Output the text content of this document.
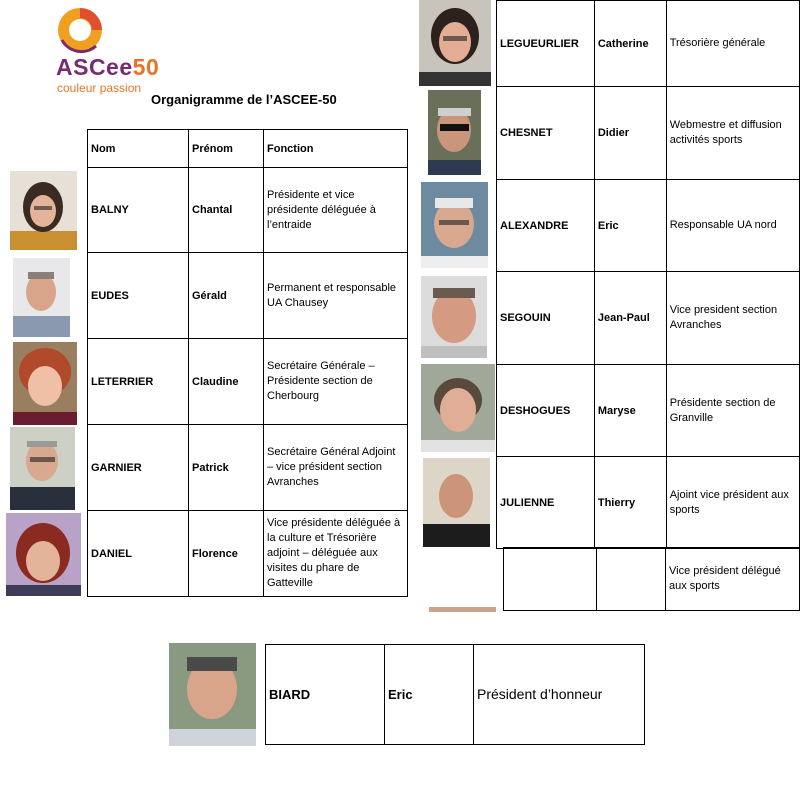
ASCee50
couleur passion
Organigramme de l’ASCEE-50
Nom	Prénom	Fonction
BALNY	Chantal	Présidente et vice présidente déléguée à l’entraide
EUDES	Gérald	Permanent et responsable UA Chausey
LETERRIER	Claudine	Secrétaire Générale – Présidente section de Cherbourg
GARNIER	Patrick	Secrétaire Général Adjoint – vice président section Avranches
DANIEL	Florence	Vice présidente déléguée à la culture et Trésorière adjoint – déléguée aux visites du phare de Gatteville
LEGUEURLIER	Catherine	Trésorière générale
CHESNET	Didier	Webmestre et diffusion activités sports
ALEXANDRE	Eric	Responsable UA nord
SEGOUIN	Jean-Paul	Vice president section Avranches
DESHOGUES	Maryse	Présidente section de Granville
JULIENNE	Thierry	Ajoint vice président aux sports
		Vice président délégué aux sports
BIARD	Eric	Président d’honneur
